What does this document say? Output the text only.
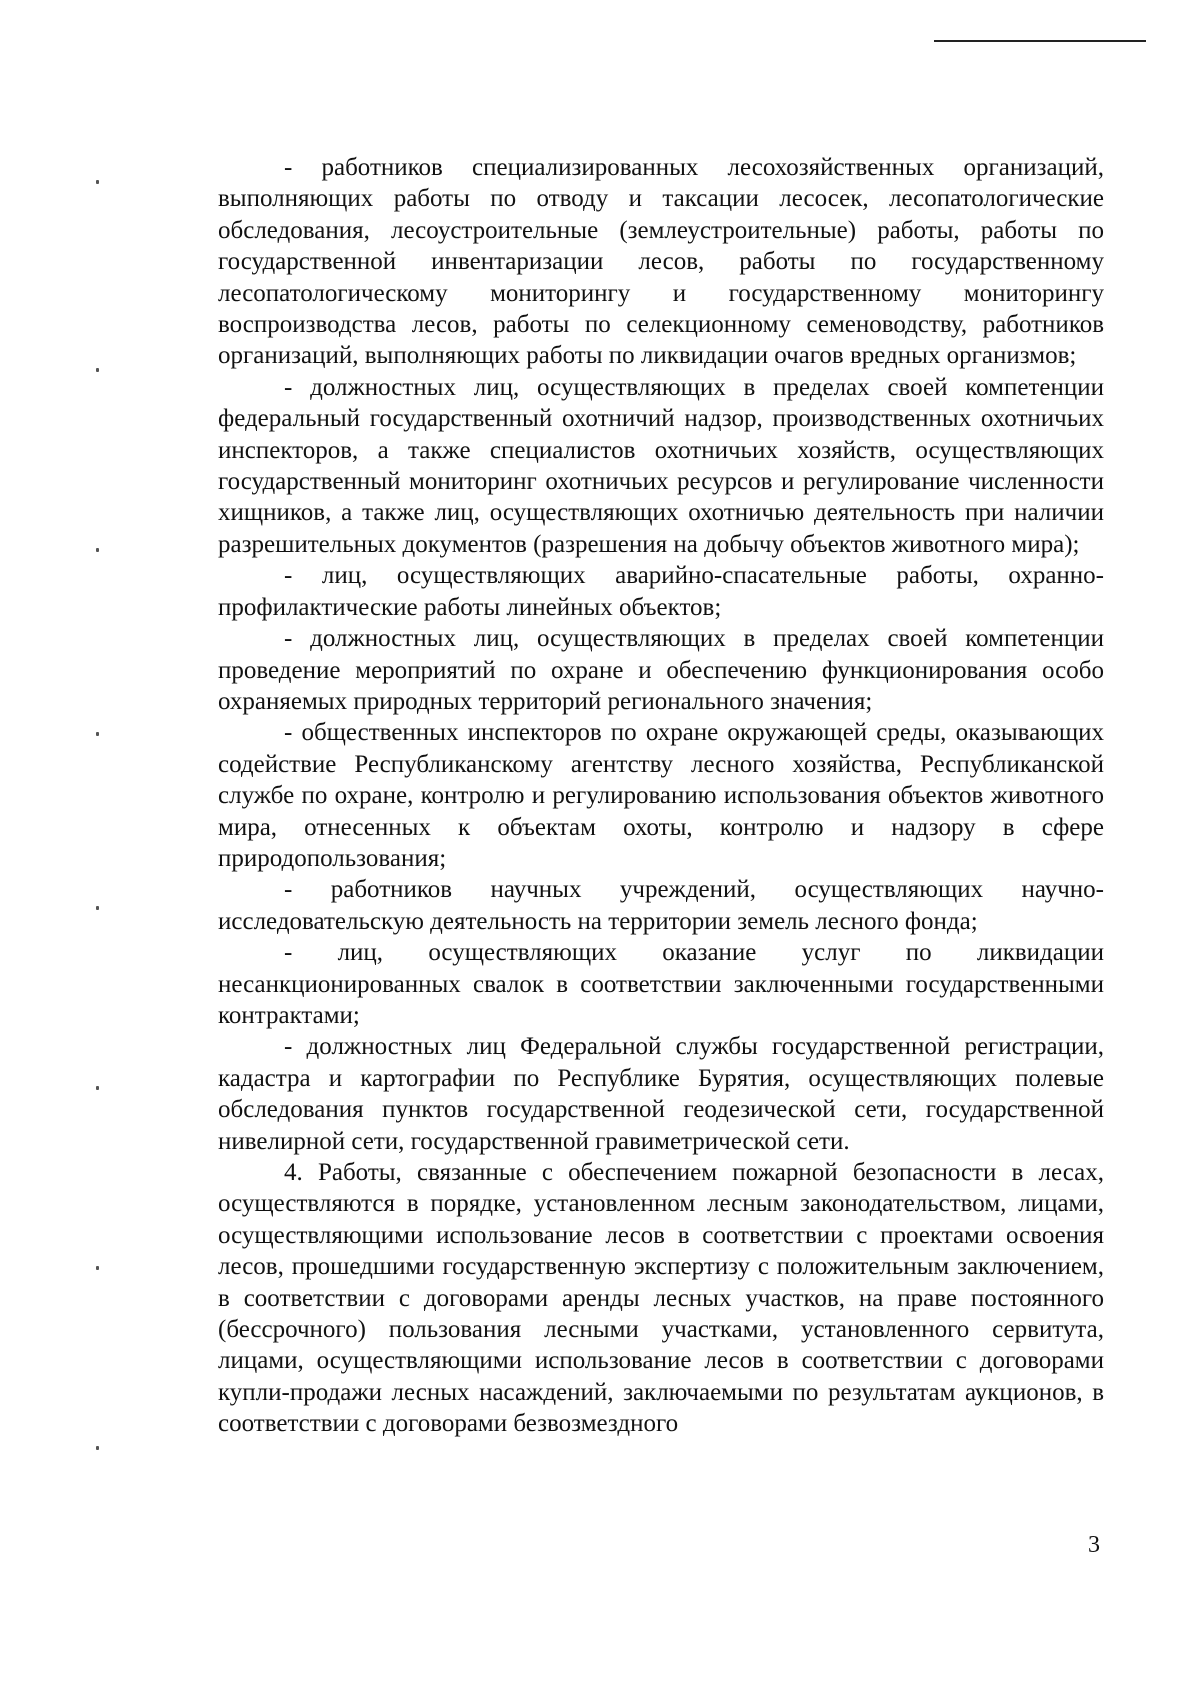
- работников специализированных лесохозяйственных организаций, выполняющих работы по отводу и таксации лесосек, лесопатологические обследования, лесоустроительные (землеустроительные) работы, работы по государственной инвентаризации лесов, работы по государственному лесопатологическому мониторингу и государственному мониторингу воспроизводства лесов, работы по селекционному семеноводству, работников организаций, выполняющих работы по ликвидации очагов вредных организмов;

- должностных лиц, осуществляющих в пределах своей компетенции федеральный государственный охотничий надзор, производственных охотничьих инспекторов, а также специалистов охотничьих хозяйств, осуществляющих государственный мониторинг охотничьих ресурсов и регулирование численности хищников, а также лиц, осуществляющих охотничью деятельность при наличии разрешительных документов (разрешения на добычу объектов животного мира);

- лиц, осуществляющих аварийно-спасательные работы, охранно-профилактические работы линейных объектов;

- должностных лиц, осуществляющих в пределах своей компетенции проведение мероприятий по охране и обеспечению функционирования особо охраняемых природных территорий регионального значения;

- общественных инспекторов по охране окружающей среды, оказывающих содействие Республиканскому агентству лесного хозяйства, Республиканской службе по охране, контролю и регулированию использования объектов животного мира, отнесенных к объектам охоты, контролю и надзору в сфере природопользования;

- работников научных учреждений, осуществляющих научно-исследовательскую деятельность на территории земель лесного фонда;

- лиц, осуществляющих оказание услуг по ликвидации несанкционированных свалок в соответствии заключенными государственными контрактами;

- должностных лиц Федеральной службы государственной регистрации, кадастра и картографии по Республике Бурятия, осуществляющих полевые обследования пунктов государственной геодезической сети, государственной нивелирной сети, государственной гравиметрической сети.

4. Работы, связанные с обеспечением пожарной безопасности в лесах, осуществляются в порядке, установленном лесным законодательством, лицами, осуществляющими использование лесов в соответствии с проектами освоения лесов, прошедшими государственную экспертизу с положительным заключением, в соответствии с договорами аренды лесных участков, на праве постоянного (бессрочного) пользования лесными участками, установленного сервитута, лицами, осуществляющими использование лесов в соответствии с договорами купли-продажи лесных насаждений, заключаемыми по результатам аукционов, в соответствии с договорами безвозмездного

3
